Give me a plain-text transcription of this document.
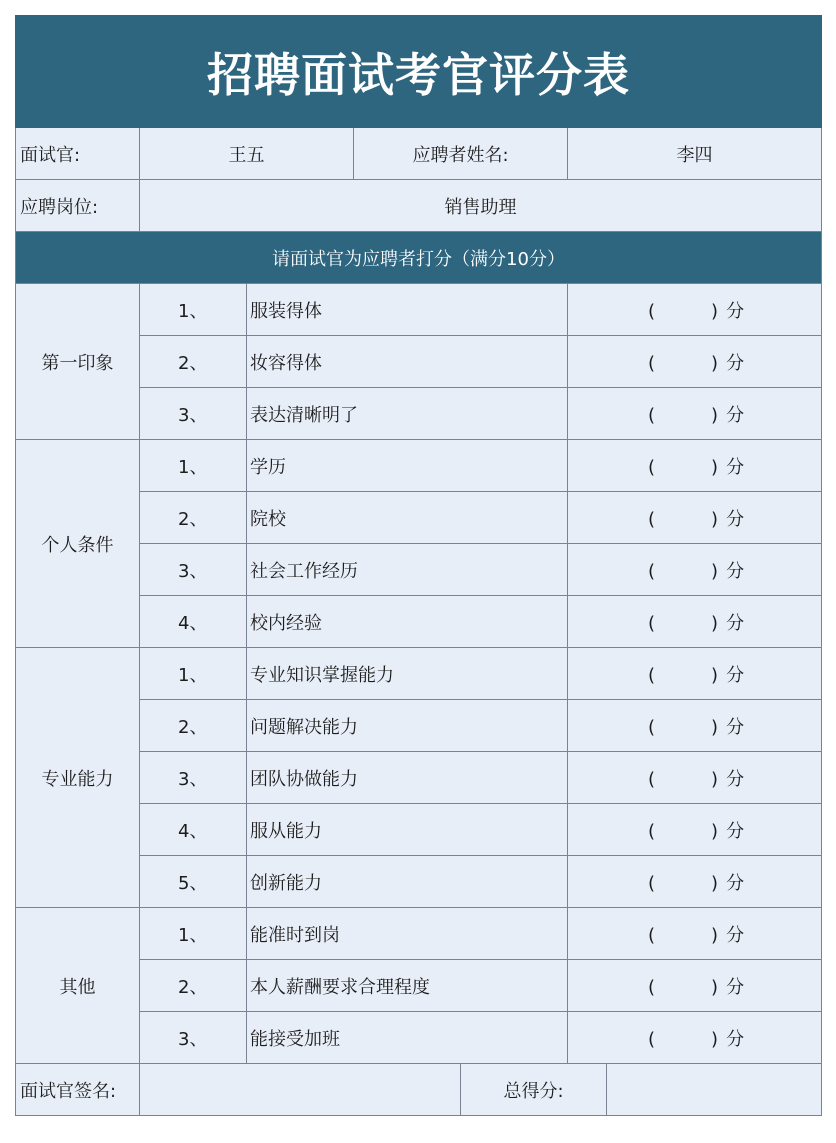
招聘面试考官评分表						
面试官:	王五		应聘者姓名:		李四	
应聘岗位:	销售助理					
请面试官为应聘者打分（满分10分）						
第一印象	1、	服装得体			( ) 分	
	2、	妆容得体			( ) 分	
	3、	表达清晰明了			( ) 分	
个人条件	1、	学历			( ) 分	
	2、	院校			( ) 分	
	3、	社会工作经历			( ) 分	
	4、	校内经验			( ) 分	
专业能力	1、	专业知识掌握能力			( ) 分	
	2、	问题解决能力			( ) 分	
	3、	团队协做能力			( ) 分	
	4、	服从能力			( ) 分	
	5、	创新能力			( ) 分	
其他	1、	能准时到岗			( ) 分	
	2、	本人薪酬要求合理程度			( ) 分	
	3、	能接受加班			( ) 分	
面试官签名:				总得分:		
